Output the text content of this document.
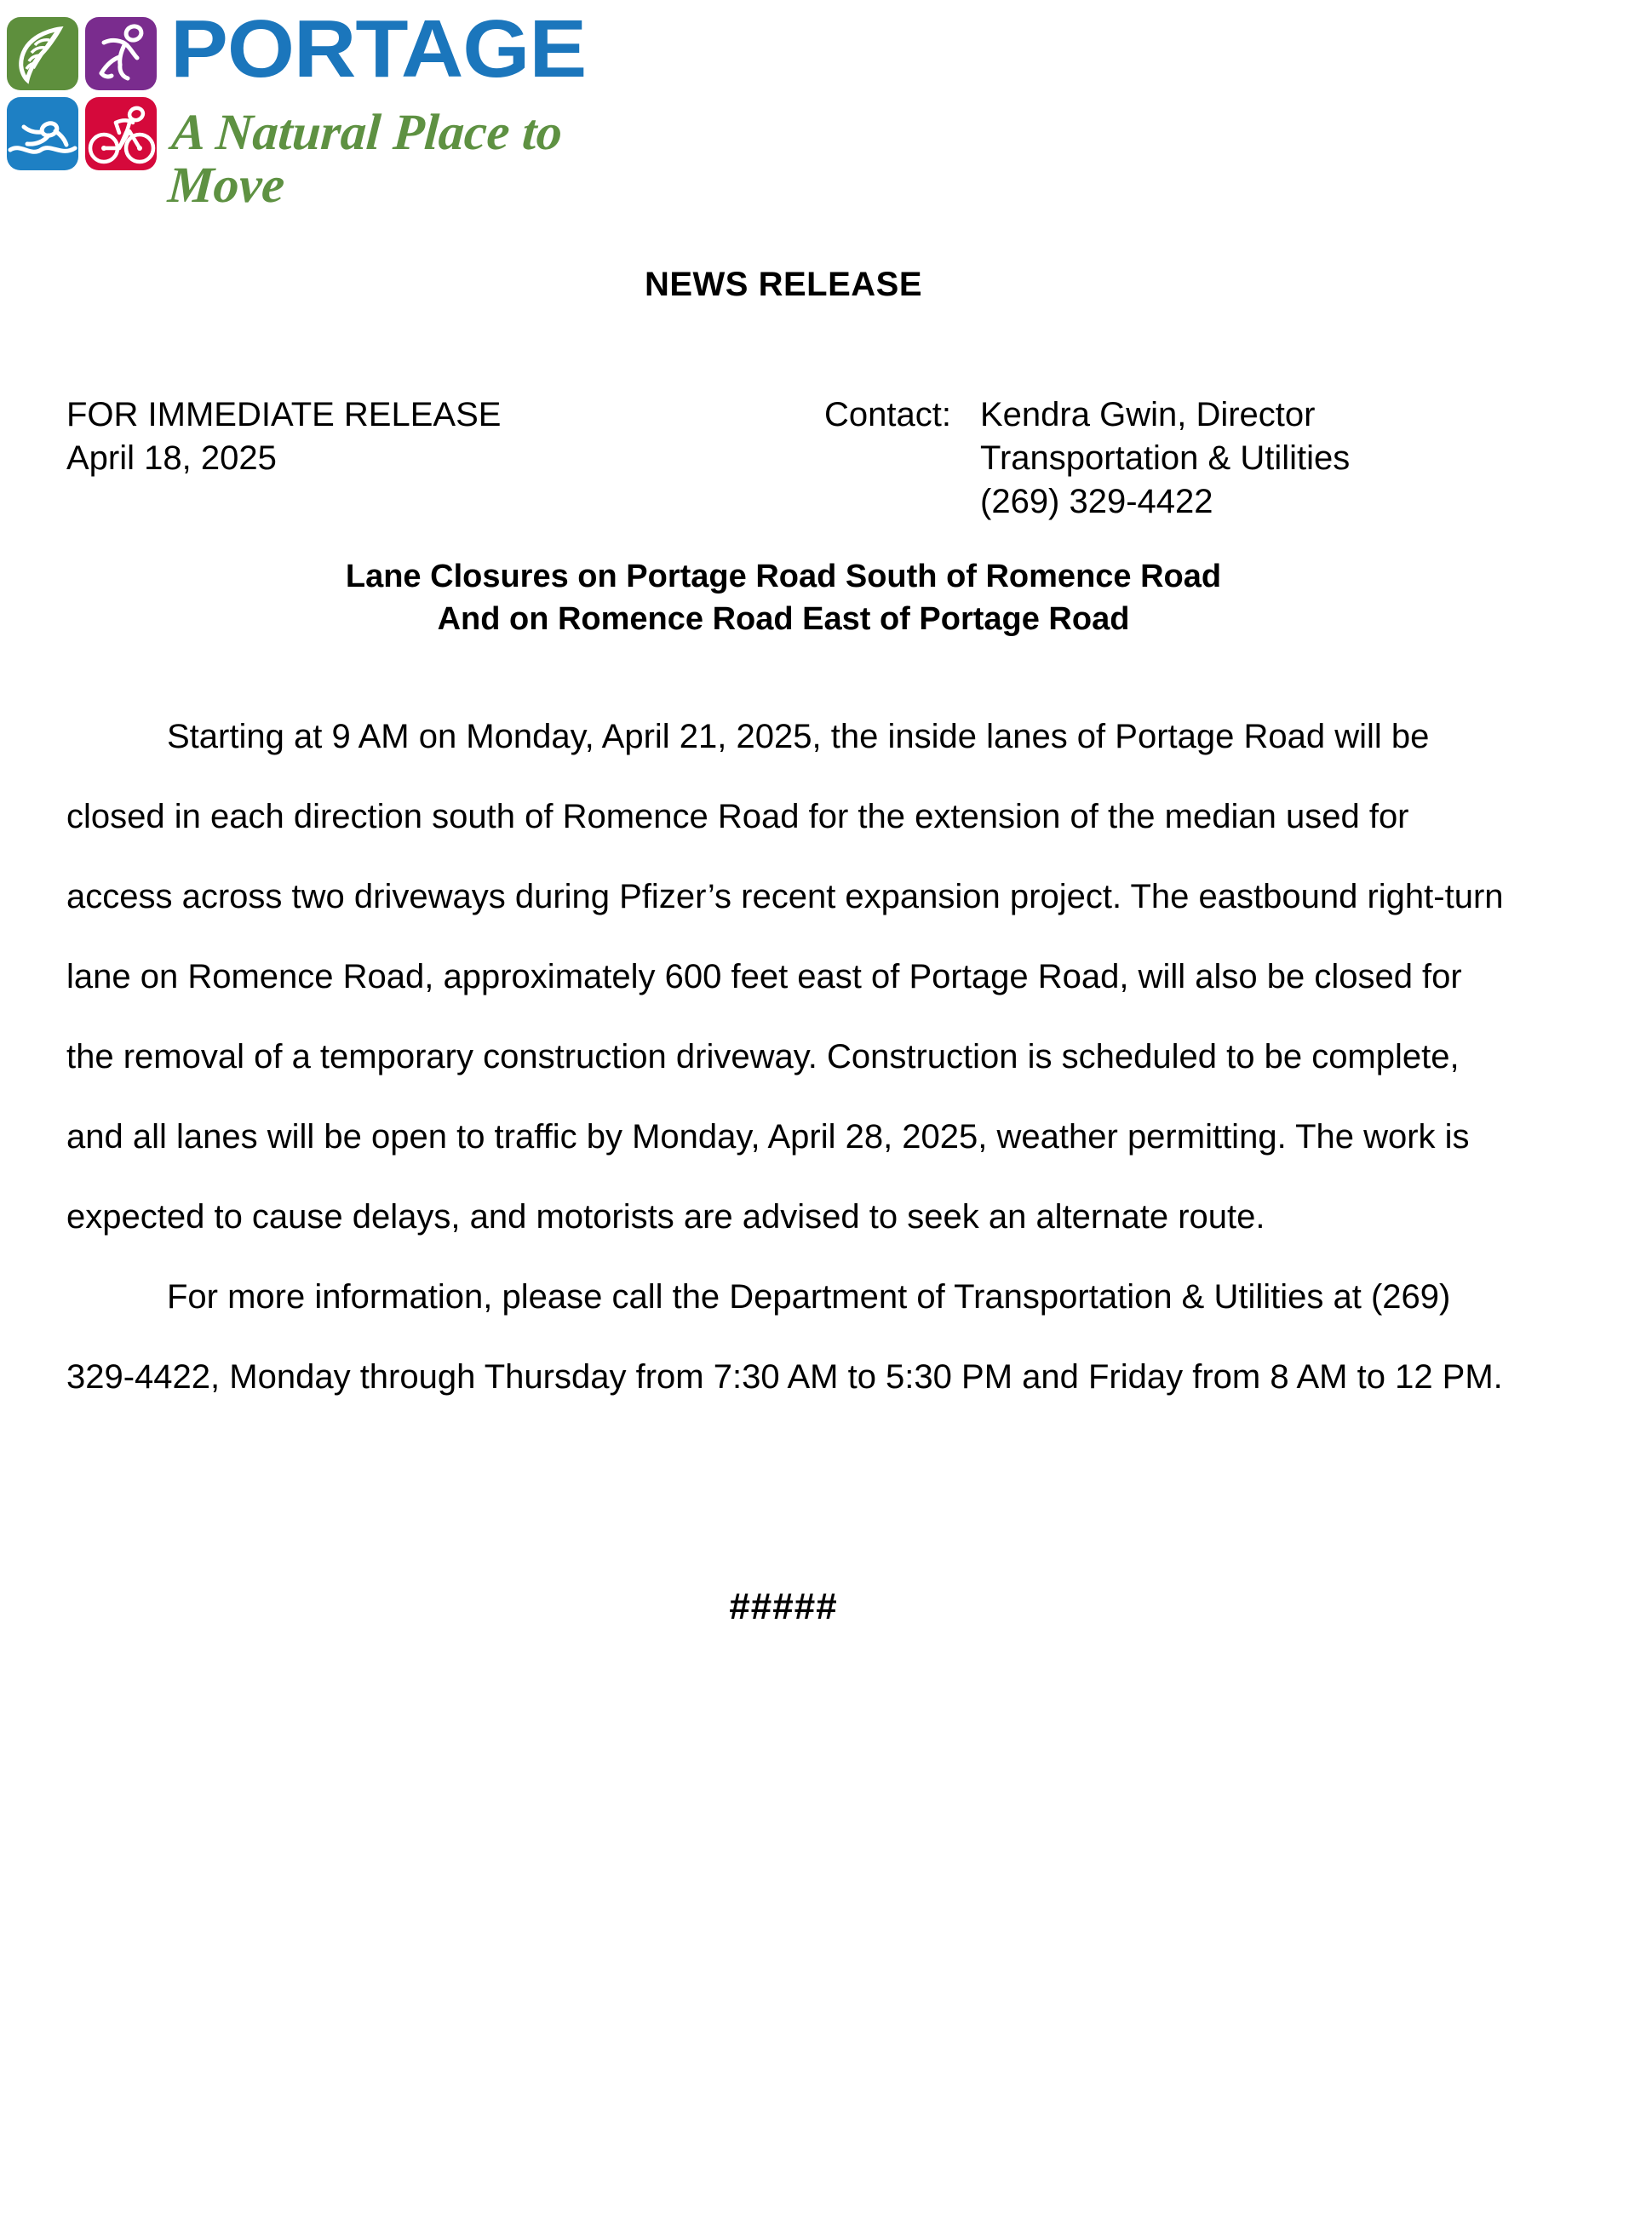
PORTAGE
A Natural Place to Move
NEWS RELEASE
FOR IMMEDIATE RELEASE
April 18, 2025
Contact: Kendra Gwin, Director
Transportation & Utilities
(269) 329-4422
Lane Closures on Portage Road South of Romence Road
And on Romence Road East of Portage Road

Starting at 9 AM on Monday, April 21, 2025, the inside lanes of Portage Road will be closed in each direction south of Romence Road for the extension of the median used for access across two driveways during Pfizer’s recent expansion project. The eastbound right-turn lane on Romence Road, approximately 600 feet east of Portage Road, will also be closed for the removal of a temporary construction driveway. Construction is scheduled to be complete, and all lanes will be open to traffic by Monday, April 28, 2025, weather permitting. The work is expected to cause delays, and motorists are advised to seek an alternate route.

For more information, please call the Department of Transportation & Utilities at (269) 329-4422, Monday through Thursday from 7:30 AM to 5:30 PM and Friday from 8 AM to 12 PM.

#####
